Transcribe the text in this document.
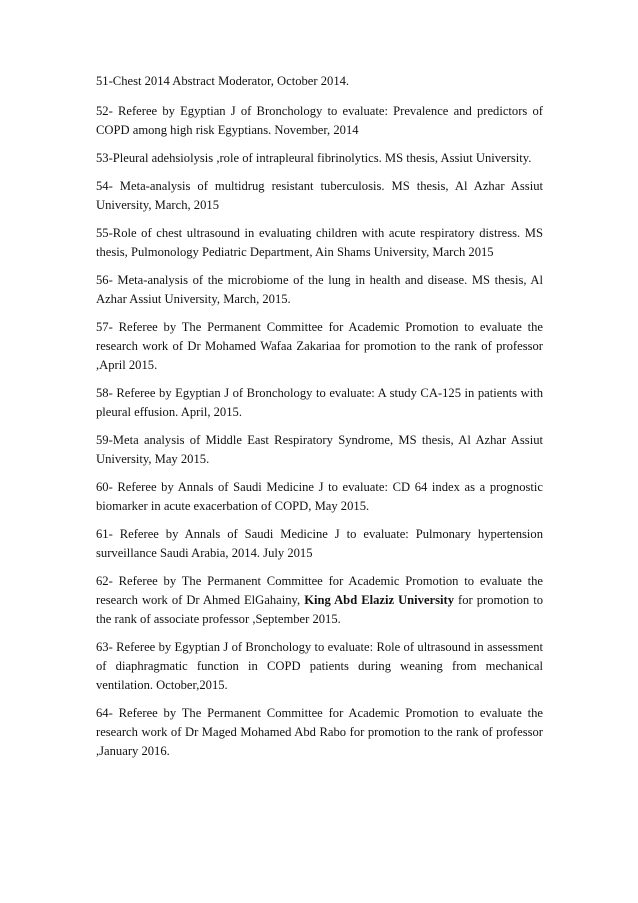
51-Chest 2014 Abstract Moderator, October 2014.

52- Referee by Egyptian J of Bronchology to evaluate: Prevalence and predictors of COPD among high risk Egyptians. November, 2014

53-Pleural adehsiolysis ,role of intrapleural fibrinolytics. MS thesis, Assiut University.

54- Meta-analysis of multidrug resistant tuberculosis. MS thesis, Al Azhar Assiut University, March, 2015

55-Role of chest ultrasound in evaluating children with acute respiratory distress. MS thesis, Pulmonology Pediatric Department, Ain Shams University, March 2015

56- Meta-analysis of the microbiome of the lung in health and disease. MS thesis, Al Azhar Assiut University, March, 2015.

57- Referee by The Permanent Committee for Academic Promotion to evaluate the research work of Dr Mohamed Wafaa Zakariaa for promotion to the rank of professor ,April 2015.

58- Referee by Egyptian J of Bronchology to evaluate: A study CA-125 in patients with pleural effusion. April, 2015.

59-Meta analysis of Middle East Respiratory Syndrome, MS thesis, Al Azhar Assiut University, May 2015.

60- Referee by Annals of Saudi Medicine J to evaluate: CD 64 index as a prognostic biomarker in acute exacerbation of COPD, May 2015.

61- Referee by Annals of Saudi Medicine J to evaluate: Pulmonary hypertension surveillance Saudi Arabia, 2014. July 2015

62- Referee by The Permanent Committee for Academic Promotion to evaluate the research work of Dr Ahmed ElGahainy, King Abd Elaziz University for promotion to the rank of associate professor ,September 2015.

63- Referee by Egyptian J of Bronchology to evaluate: Role of ultrasound in assessment of diaphragmatic function in COPD patients during weaning from mechanical ventilation. October,2015.

64- Referee by The Permanent Committee for Academic Promotion to evaluate the research work of Dr Maged Mohamed Abd Rabo for promotion to the rank of professor ,January 2016.
